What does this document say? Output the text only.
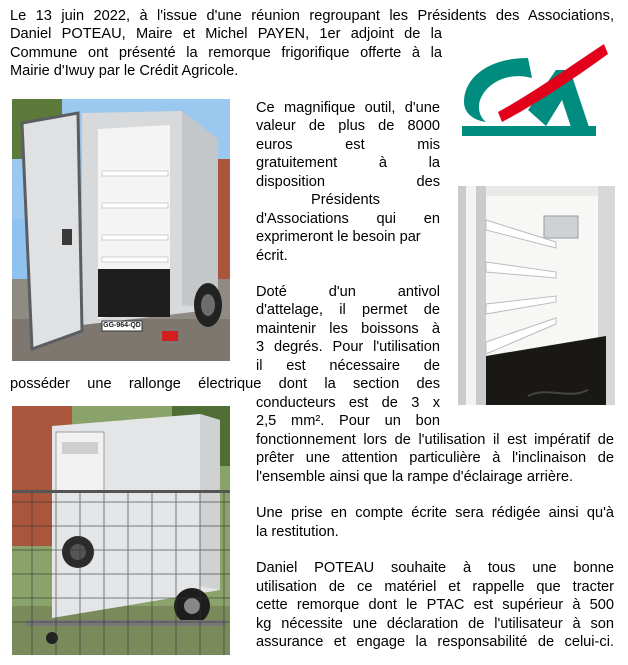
Le 13 juin 2022, à l'issue d'une réunion regroupant les Présidents des Associations,
Daniel POTEAU, Maire et Michel PAYEN, 1er adjoint de la
Commune ont présenté la remorque frigorifique offerte à la
Mairie d'Iwuy par le Crédit Agricole.
GG-964-QD
Ce magnifique outil, d'une
valeur de plus de 8000
euros est mis
gratuitement à la
disposition des
Présidents
d'Associations qui en
exprimeront le besoin par
écrit.
Doté d'un antivol
d'attelage, il permet de
maintenir les boissons à
3 degrés. Pour l'utilisation
il est nécessaire de
posséder une rallonge électrique dont la section des
conducteurs est de 3 x
2,5 mm². Pour un bon
fonctionnement lors de l'utilisation il est impératif de
prêter une attention particulière à l'inclinaison de
l'ensemble ainsi que la rampe d'éclairage arrière.
Une prise en compte écrite sera rédigée ainsi qu'à
la restitution.
Daniel POTEAU souhaite à tous une bonne
utilisation de ce matériel et rappelle que tracter
cette remorque dont le PTAC est supérieur à 500
kg nécessite une déclaration de l'utilisateur à son
assurance et engage la responsabilité de celui-ci.
